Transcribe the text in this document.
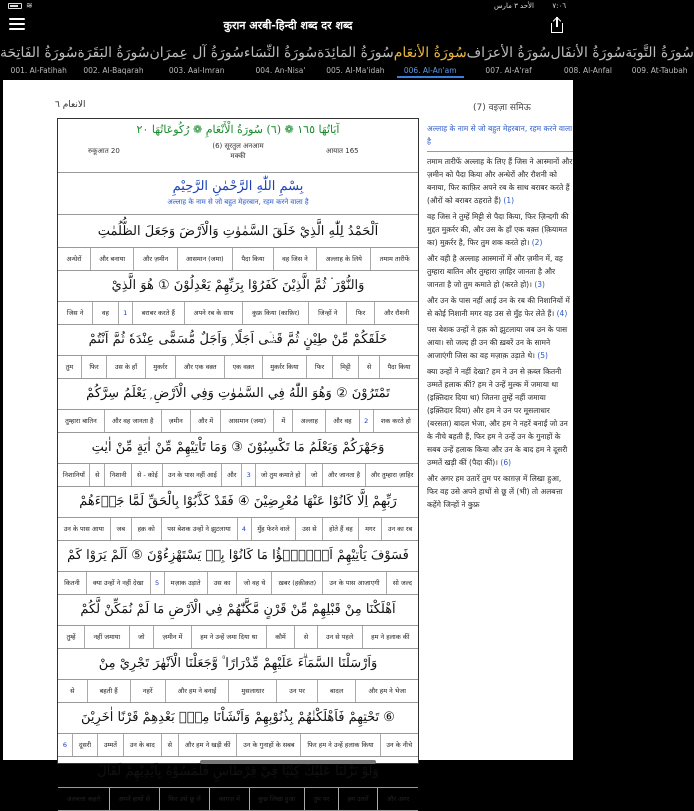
≋	الأحد ٣ مارس	٧:٠٦
कुरान अरबी-हिन्दी शब्द दर शब्द
سُورَةُ الفَاتِحَة
001. Al-Fatihah
سُورَةُ البَقَرَة
002. Al-Baqarah
سُورَةُ آل عِمرَان
003. Aal-Imran
سُورَةُ النِّسَاء
004. An-Nisa'
سُورَةُ المَائِدَة
005. Al-Ma'idah
سُورَةُ الأنعَام
006. Al-An'am
سُورَةُ الأعرَاف
007. Al-A'raf
سُورَةُ الأنفَال
008. Al-Anfal
سُورَةُ التَّوبَة
009. At-Taubah
الانعام ٦	(7) वइज़ा समिऊ
آيَاتُهَا ١٦٥ ❁ (٦) سُورَةُ الْأَنْعَامِ ❁ رُكُوعَاتُهَا ٢٠
रुकूआत 20
(6) सूरतुल अनआम
मक्की
आयात 165
بِسْمِ اللّٰهِ الرَّحْمٰنِ الرَّحِيْمِ
अल्लाह के नाम से जो बहुत मेहरबान, रहम करने वाला है
اَلْحَمْدُ لِلّٰهِ الَّذِيْ خَلَقَ السَّمٰوٰتِ وَالْاَرْضَ وَجَعَلَ الظُّلُمٰتِ
अन्धेरों	और बनाया	और ज़मीन	आसमान (जमा)	पैदा किया	वह जिस ने	अल्लाह के लिये	तमाम तारीफें
وَالنُّوْرَ ۬ ثُمَّ الَّذِيْنَ كَفَرُوْا بِرَبِّهِمْ يَعْدِلُوْنَ ① هُوَ الَّذِيْ
जिस ने	वह	1	बराबर करते हैं	अपने रब के साथ	कुफ्र किया (काफ़िर)	जिन्हों ने	फिर	और रौशनी
خَلَقَكُمْ مِّنْ طِيْنٍ ثُمَّ قَضٰۤى اَجَلًا ۭ وَاَجَلٌ مُّسَمًّى عِنْدَهٗ ثُمَّ اَنْتُمْ
तुम	फिर	उस के हाँ	मुकर्रर	और एक वक़्त	एक वक़्त	मुकर्रर किया	फिर	मिट्टी	से	पैदा किया
تَمْتَرُوْنَ ② وَهُوَ اللّٰهُ فِي السَّمٰوٰتِ وَفِي الْاَرْضِ ۭ يَعْلَمُ سِرَّكُمْ
तुम्हारा बातिन	और वह जानता है	ज़मीन	और में	आसमान (जमा)	में	अल्लाह	और वह	2	शक करते हो
وَجَهْرَكُمْ وَيَعْلَمُ مَا تَكْسِبُوْنَ ③ وَمَا تَاْتِيْهِمْ مِّنْ اٰيَةٍ مِّنْ اٰيٰتِ
निशानियाँ	से	निशानी	से - कोई	उन के पास नहीं आई	और	3	जो तुम कमाते हो	जो	और जानता है	और तुम्हारा ज़ाहिर
رَبِّهِمْ اِلَّا كَانُوْا عَنْهَا مُعْرِضِيْنَ ④ فَقَدْ كَذَّبُوْا بِالْحَقِّ لَمَّا جَاۗءَهُمْ
उन के पास आया	जब	हक़ को	पस बेशक उन्हों ने झुटलाया	4	मुँह फेरने वाले	उस से	होते हैं वह	मगर	उन का रब
فَسَوْفَ يَاْتِيْهِمْ اَنْۢبٰۗؤُا مَا كَانُوْا بِهٖ يَسْتَهْزِءُوْنَ ⑤ اَلَمْ يَرَوْا كَمْ
कितनी	क्या उन्हों ने नहीं देखा	5	मज़ाक उड़ाते	उस का	जो वह थे	ख़बर (हक़ीक़त)	उन के पास आजाएगी	सो जल्द
اَهْلَكْنَا مِنْ قَبْلِهِمْ مِّنْ قَرْنٍ مَّكَّنّٰهُمْ فِي الْاَرْضِ مَا لَمْ نُمَكِّنْ لَّكُمْ
तुम्हें	नहीं जमाया	जो	ज़मीन में	हम ने उन्हें जमा दिया था	कौमें	से	उन से पहले	हम ने हलाक कीं
وَاَرْسَلْنَا السَّمَاۗءَ عَلَيْهِمْ مِّدْرَارًا ۠ وَّجَعَلْنَا الْاَنْهٰرَ تَجْرِيْ مِنْ
से	बहती हैं	नहरें	और हम ने बनाईं	मुसलाधार	उन पर	बादल	और हम ने भेजा
تَحْتِهِمْ فَاَهْلَكْنٰهُمْ بِذُنُوْبِهِمْ وَاَنْشَاْنَا مِنْۢ بَعْدِهِمْ قَرْنًا اٰخَرِيْنَ ⑥
6	दूसरी	उम्मतें	उन के बाद	से	और हम ने खड़ी कीं	उन के गुनाहों के सबब	फिर हम ने उन्हें हलाक किया	उन के नीचे
وَلَوْ نَزَّلْنَا عَلَيْكَ كِتٰبًا فِيْ قِرْطَاسٍ فَلَمَسُوْهُ بِاَيْدِيْهِمْ لَقَالَ
अलबत्ता कहते	अपने हाथों से	फिर उसे छू लें	काग़ज़ में	कुछ लिखा हुआ	तुम पर	हम उतारें	और अगर
अल्लाह के नाम से जो बहुत मेहरबान, रहम करने वाला है

तमाम तारीफें अल्लाह के लिए हैं जिस ने आस्मानों और ज़मीन को पैदा किया और अन्धेरों और रौशनी को बनाया, फिर काफ़िर अपने रब के साथ बराबर करते हैं (औरों को बराबर ठहराते हैं) (1)

वह जिस ने तुम्हें मिट्टी से पैदा किया, फिर ज़िन्दगी की मुद्दत मुक़र्रर की, और उस के हाँ एक वक़्त (क़ियामत का) मुक़र्रर है, फिर तुम शक करते हो। (2)

और वही है अल्लाह आस्मानों में और ज़मीन में, वह तुम्हारा बातिन और तुम्हारा ज़ाहिर जानता है और जानता है जो तुम कमाते हो (करते हो)। (3)

और उन के पास नहीं आई उन के रब की निशानियों में से कोई निशानी मगर वह उस से मुँह फेर लेते हैं। (4)

पस बेशक उन्हों ने हक़ को झुटलाया जब उन के पास आया। सो जल्द ही उन की ख़बरें उन के सामने आजाएंगी जिस का वह मज़ाक़ उड़ाते थे। (5)

क्या उन्हों ने नहीं देखा? हम ने उन से क़ब्ल कितनी उम्मतें हलाक कीं? हम ने उन्हें मुल्क में जमाया था (इक़्तिदार दिया था) जितना तुम्हें नहीं जमाया (इक़्तिदार दिया) और हम ने उन पर मूसलाधार (बरसता) बादल भेजा, और हम ने नहरें बनाईं जो उन के नीचे बहती हैं, फिर हम ने उन्हें उन के गुनाहों के सबब उन्हें हलाक किया और उन के बाद हम ने दूसरी उम्मतें खड़ी कीं (पैदा कीं)। (6)

और अगर हम उतारें तुम पर काग़ज़ में लिखा हुआ, फिर वह उसे अपने हाथों से छू लें (भी) तो अलबत्ता कहेंगे जिन्हों ने कुफ्र
